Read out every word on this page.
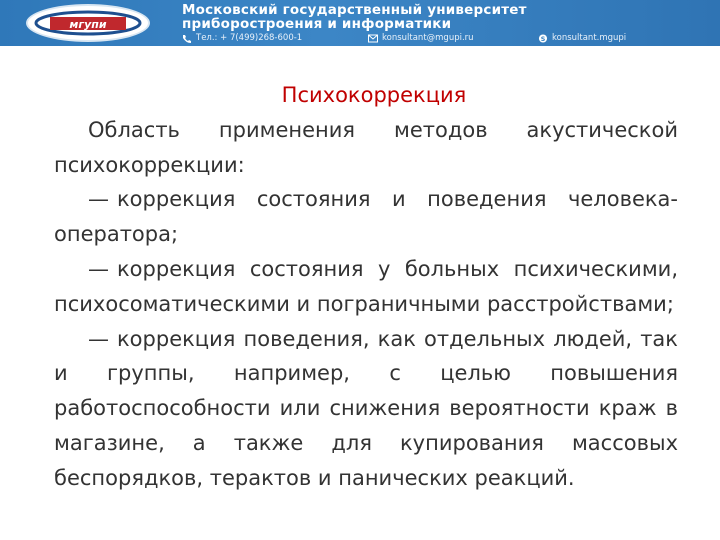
мгупи
Московский государственный университет
приборостроения и информатики
Тел.: + 7(499)268-600-1	konsultant@mgupi.ru	S konsultant.mgupi

Психокоррекция

Область применения методов акустической психокоррекции:

— коррекция состояния и поведения человека-оператора;

— коррекция состояния у больных психическими, психосоматическими и пограничными расстройствами;

— коррекция поведения, как отдельных людей, так и группы, например, с целью повышения работоспособности или снижения вероятности краж в магазине, а также для купирования массовых беспорядков, терактов и панических реакций.
